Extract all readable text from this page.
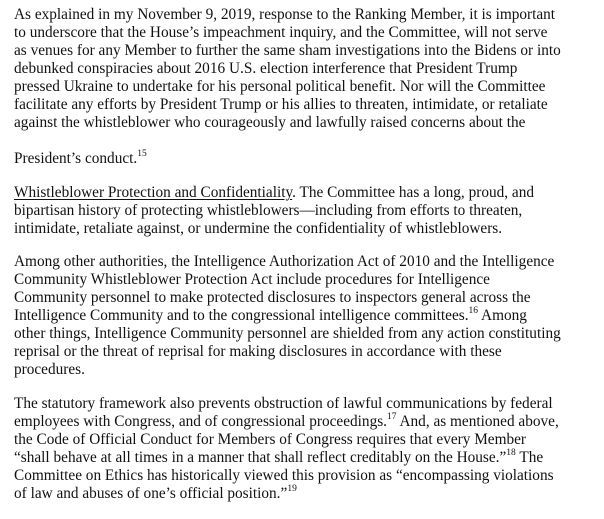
As explained in my November 9, 2019, response to the Ranking Member, it is important
to underscore that the House’s impeachment inquiry, and the Committee, will not serve
as venues for any Member to further the same sham investigations into the Bidens or into
debunked conspiracies about 2016 U.S. election interference that President Trump
pressed Ukraine to undertake for his personal political benefit. Nor will the Committee
facilitate any efforts by President Trump or his allies to threaten, intimidate, or retaliate
against the whistleblower who courageously and lawfully raised concerns about the
President’s conduct.$^{15}$
Whistleblower Protection and Confidentiality. The Committee has a long, proud, and
bipartisan history of protecting whistleblowers—including from efforts to threaten,
intimidate, retaliate against, or undermine the confidentiality of whistleblowers.
Among other authorities, the Intelligence Authorization Act of 2010 and the Intelligence
Community Whistleblower Protection Act include procedures for Intelligence
Community personnel to make protected disclosures to inspectors general across the
Intelligence Community and to the congressional intelligence committees.$^{16}$ Among
other things, Intelligence Community personnel are shielded from any action constituting
reprisal or the threat of reprisal for making disclosures in accordance with these
procedures.
The statutory framework also prevents obstruction of lawful communications by federal
employees with Congress, and of congressional proceedings.$^{17}$ And, as mentioned above,
the Code of Official Conduct for Members of Congress requires that every Member
“shall behave at all times in a manner that shall reflect creditably on the House.”$^{18}$ The
Committee on Ethics has historically viewed this provision as “encompassing violations
of law and abuses of one’s official position.”$^{19}$
